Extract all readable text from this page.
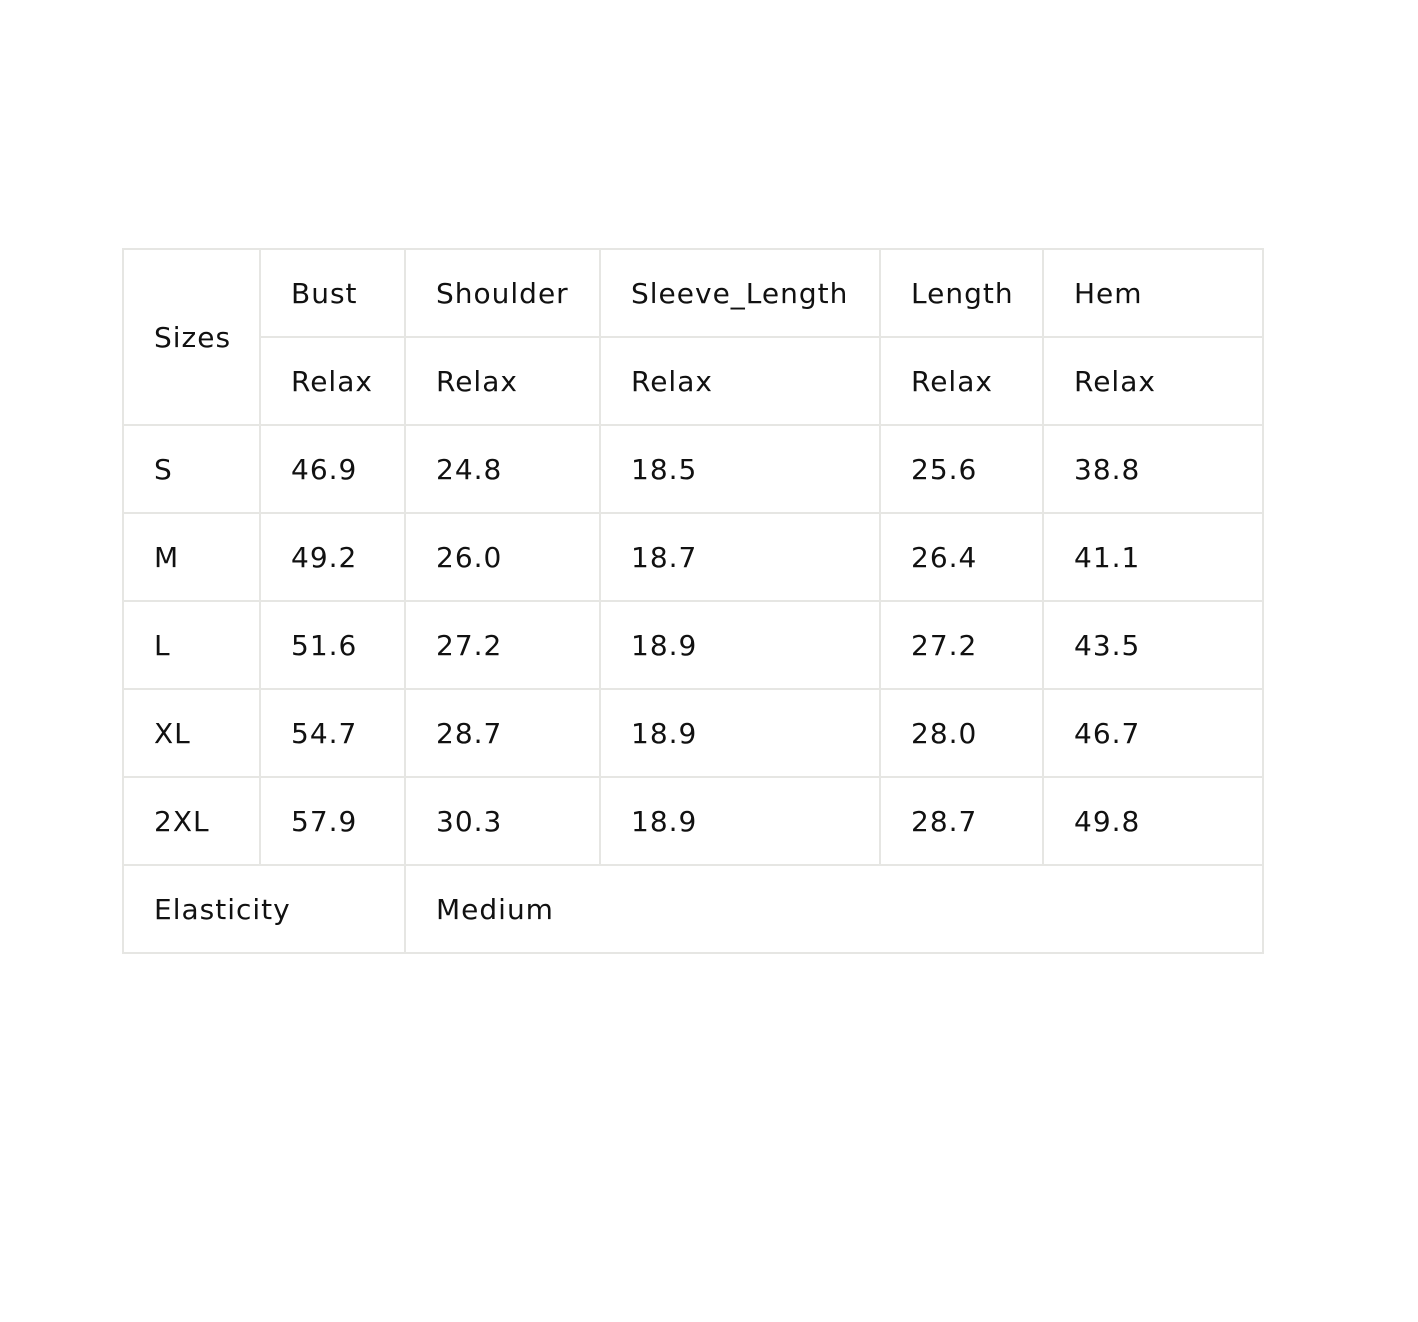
Sizes	Bust	Shoulder	Sleeve_Length	Length	Hem
	Relax	Relax	Relax	Relax	Relax
S	46.9	24.8	18.5	25.6	38.8
M	49.2	26.0	18.7	26.4	41.1
L	51.6	27.2	18.9	27.2	43.5
XL	54.7	28.7	18.9	28.0	46.7
2XL	57.9	30.3	18.9	28.7	49.8
Elasticity		Medium			
